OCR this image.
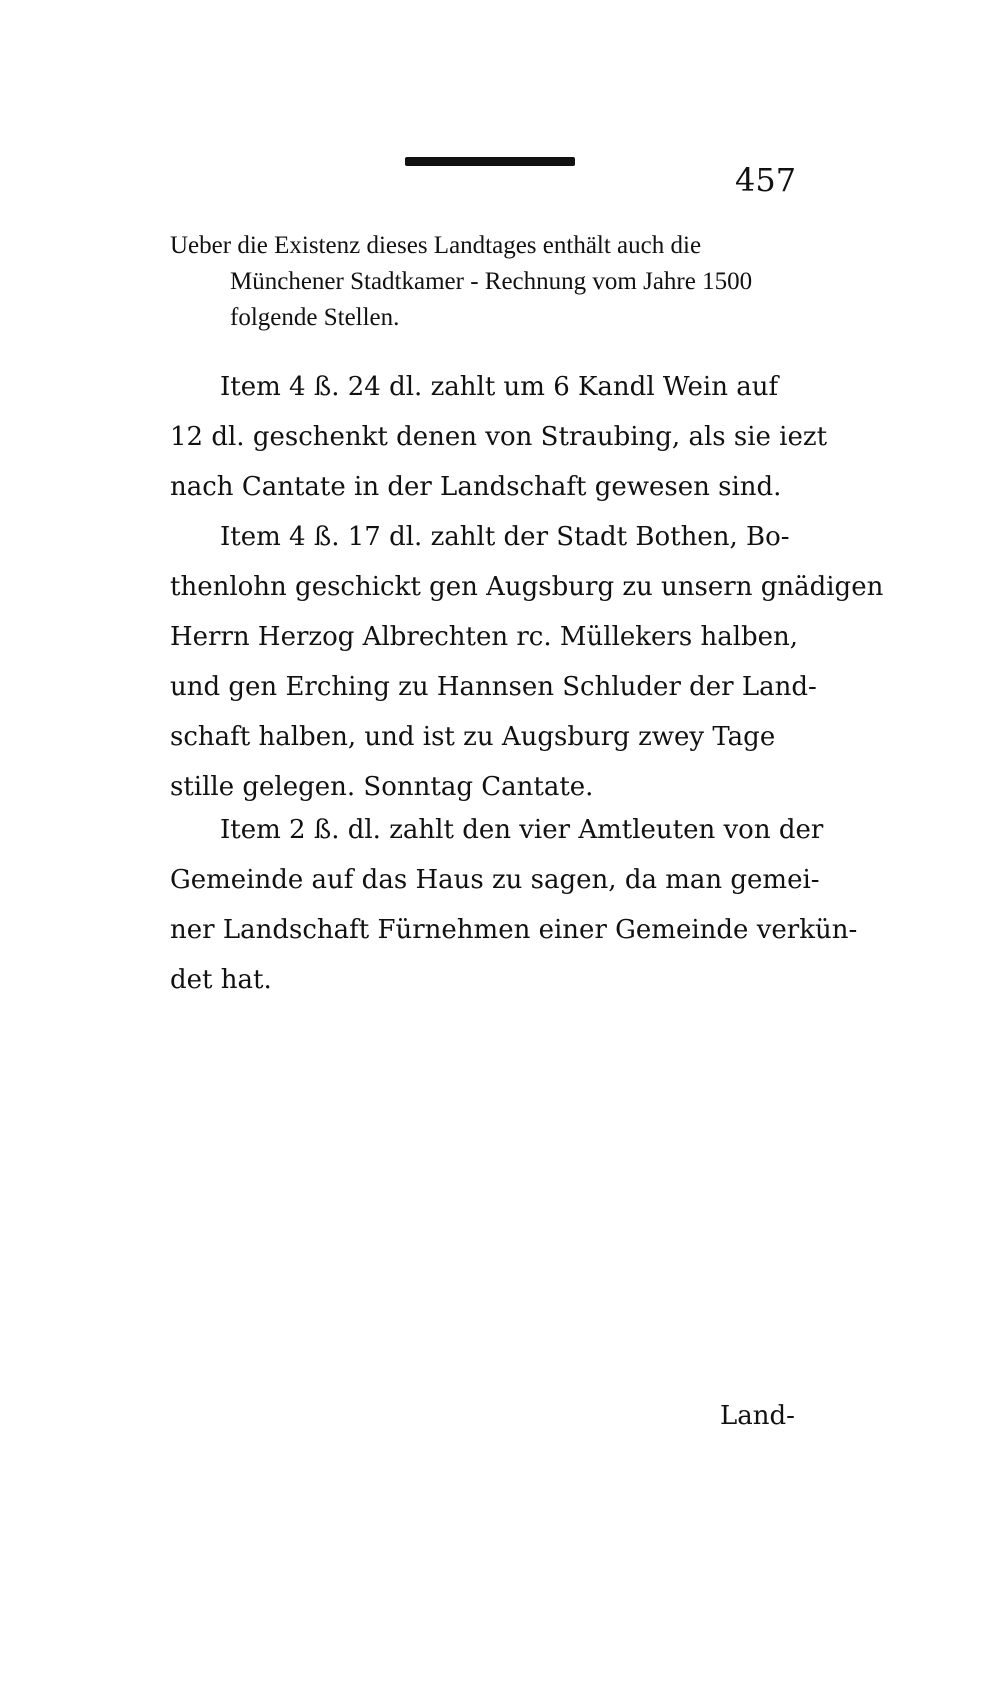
457
Ueber die Existenz dieses Landtages enthält auch die
Münchener Stadtkamer - Rechnung vom Jahre 1500
folgende Stellen.
Item 4 ß. 24 dl. zahlt um 6 Kandl Wein auf
12 dl. geschenkt denen von Straubing, als sie iezt
nach Cantate in der Landschaft gewesen sind.
Item 4 ß. 17 dl. zahlt der Stadt Bothen, Bo-
thenlohn geschickt gen Augsburg zu unsern gnädigen
Herrn Herzog Albrechten rc. Müllekers halben,
und gen Erching zu Hannsen Schluder der Land-
schaft halben, und ist zu Augsburg zwey Tage
stille gelegen. Sonntag Cantate.
Item 2 ß. dl. zahlt den vier Amtleuten von der
Gemeinde auf das Haus zu sagen, da man gemei-
ner Landschaft Fürnehmen einer Gemeinde verkün-
det hat.
Land-
